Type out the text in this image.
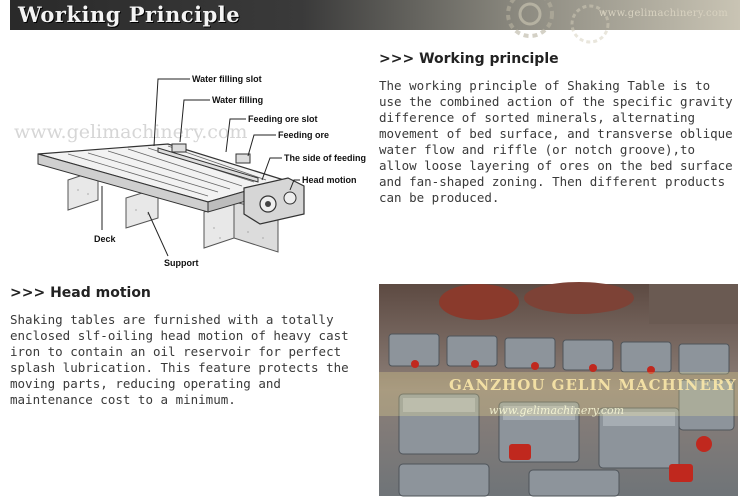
Working Principle	www.gelimachinery.com
www.gelimachinery.com
Water filling slot
Water filling
Feeding ore slot
Feeding ore
The side of feeding
Head motion
Deck
Support
>>> Working principle
The working principle of Shaking Table is to use the combined action of the specific gravity difference of sorted minerals, alternating movement of bed surface, and transverse oblique water flow and riffle (or notch groove),to allow loose layering of ores on the bed surface and fan-shaped zoning. Then different products can be produced.
>>> Head motion
Shaking tables are furnished with a totally enclosed slf-oiling head motion of heavy cast iron to contain an oil reservoir for perfect splash lubrication. This feature protects the moving parts, reducing operating and maintenance cost to a minimum.
GANZHOU GELIN MACHINERY
www.gelimachinery.com
